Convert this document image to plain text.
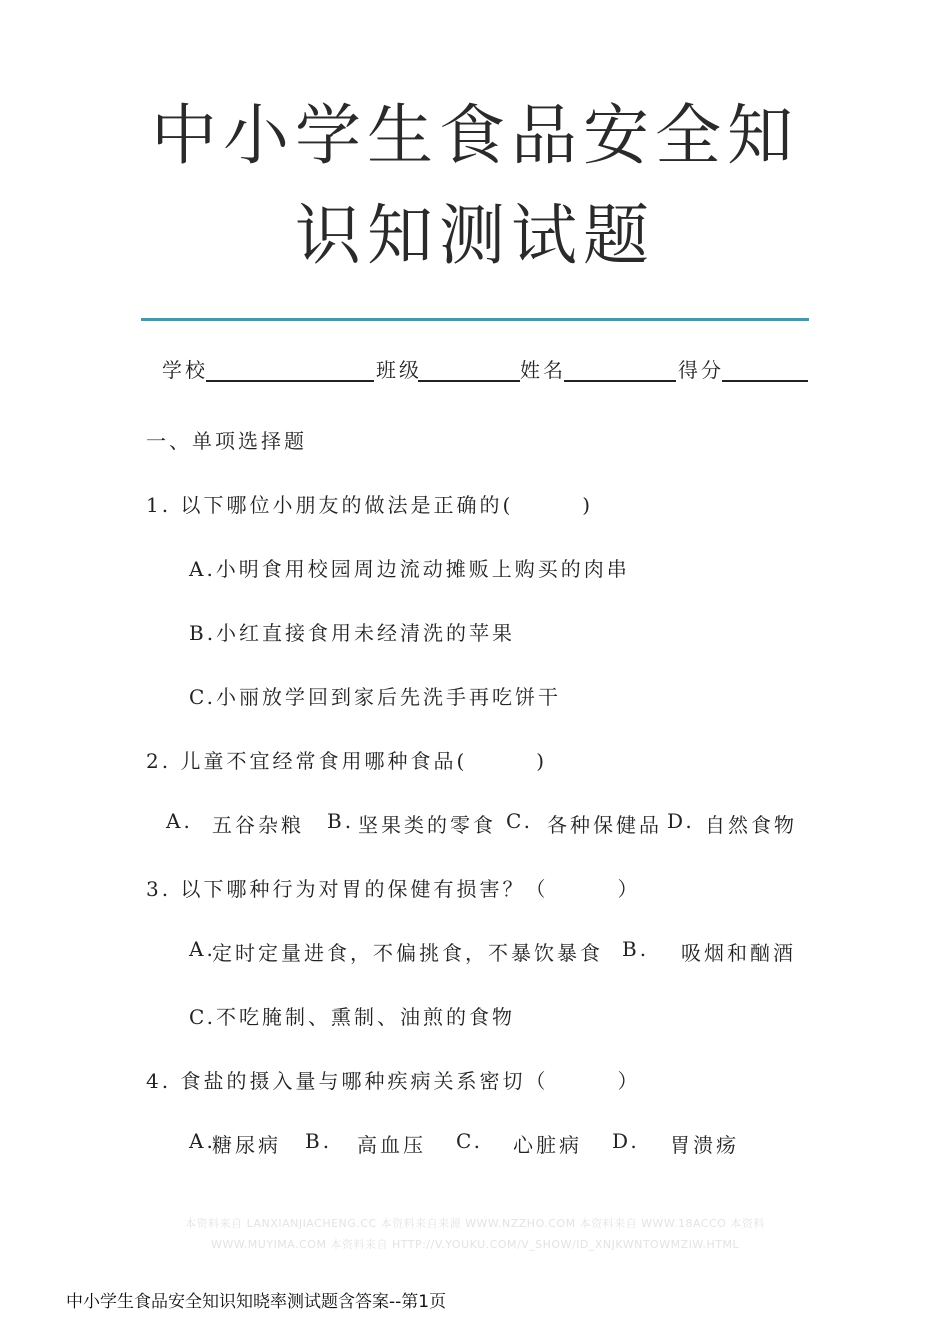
中小学生食品安全知
识知测试题
学校	班级	姓名	得分
一、单项选择题
1. 以下哪位小朋友的做法是正确的(　　　)
A.小明食用校园周边流动摊贩上购买的肉串
B.小红直接食用未经清洗的苹果
C.小丽放学回到家后先洗手再吃饼干
2. 儿童不宜经常食用哪种食品(　　　)
A. 五谷杂粮 B. 坚果类的零食 C. 各种保健品 D. 自然食物
3. 以下哪种行为对胃的保健有损害？（　　　）
A.
定时定量进食，不偏挑食，不暴饮暴食 B. 吸烟和酗酒
C.不吃腌制、熏制、油煎的食物
4. 食盐的摄入量与哪种疾病关系密切（　　　）
A.
糖尿病 B. 高血压 C. 心脏病 D. 胃溃疡
本资料来自 LANXIANJIACHENG.CC 本资料来自来源 WWW.NZZHO.COM 本资料来自 WWW.18ACCO 本资料
WWW.MUYIMA.COM 本资料来自 HTTP://V.YOUKU.COM/V_SHOW/ID_XNJKWNTOWMZIW.HTML
中小学生食品安全知识知晓率测试题含答案--第1页
